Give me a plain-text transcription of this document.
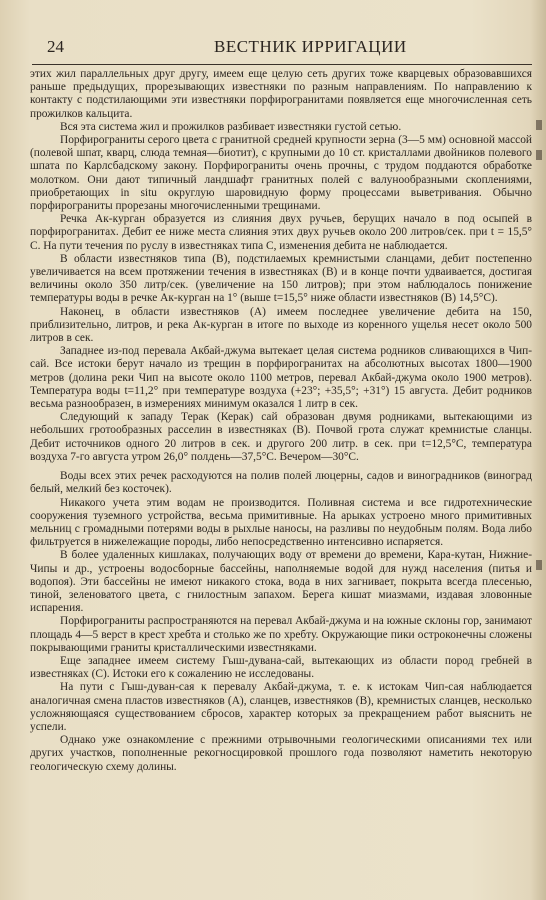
24	ВЕСТНИК ИРРИГАЦИИ

этих жил параллельных друг другу, имеем еще целую сеть других тоже кварцевых образовавшихся раньше предыдущих, прорезывающих известняки по разным направлениям. По направлению к контакту с подстилающими эти известняки порфирогранитами появляется еще многочисленная сеть прожилков кальцита.

Вся эта система жил и прожилков разбивает известняки густой сетью.

Порфирограниты серого цвета с гранитной средней крупности зерна (3—5 мм) основной массой (полевой шпат, кварц, слюда темная—биотит), с крупными до 10 ст. кристаллами двойников полевого шпата по Карлсбадскому закону. Порфирограниты очень прочны, с трудом поддаются обработке молотком. Они дают типичный ландшафт гранитных полей с валунообразными скоплениями, приобретающих in situ округлую шаровидную форму процессами выветривания. Обычно порфирограниты прорезаны многочисленными трещинами.

Речка Ак-курган образуется из слияния двух ручьев, берущих начало в под осыпей в порфирогранитах. Дебит ее ниже места слияния этих двух ручьев около 200 литров/сек. при t = 15,5° С. На пути течения по руслу в известняках типа С, изменения дебита не наблюдается.

В области известняков типа (В), подстилаемых кремнистыми сланцами, дебит постепенно увеличивается на всем протяжении течения в известняках (В) и в конце почти удваивается, достигая величины около 350 литр/сек. (увеличение на 150 литров); при этом наблюдалось понижение температуры воды в речке Ак-курган на 1° (выше t=15,5° ниже области известняков (В) 14,5°С).

Наконец, в области известняков (А) имеем последнее увеличение дебита на 150, приблизительно, литров, и река Ак-курган в итоге по выходе из коренного ущелья несет около 500 литров в сек.

Западнее из-под перевала Акбай-джума вытекает целая система родников сливающихся в Чип-сай. Все истоки берут начало из трещин в порфирогранитах на абсолютных высотах 1800—1900 метров (долина реки Чип на высоте около 1100 метров, перевал Акбай-джума около 1900 метров). Температура воды t=11,2° при температуре воздуха (+23°; +35,5°; +31°) 15 августа. Дебит родников весьма разнообразен, в измерениях минимум оказался 1 литр в сек.

Следующий к западу Терак (Керак) сай образован двумя родниками, вытекающими из небольших гротообразных расселин в известняках (В). Почвой грота служат кремнистые сланцы. Дебит источников одного 20 литров в сек. и другого 200 литр. в сек. при t=12,5°С, температура воздуха 7-го августа утром 26,0° полдень—37,5°С. Вечером—30°С.

Воды всех этих речек расходуются на полив полей люцерны, садов и виноградников (виноград белый, мелкий без косточек).

Никакого учета этим водам не производится. Поливная система и все гидротехнические сооружения туземного устройства, весьма примитивные. На арыках устроено много примитивных мельниц с громадными потерями воды в рыхлые наносы, на разливы по неудобным полям. Вода либо фильтруется в нижележащие породы, либо непосредственно интенсивно испаряется.

В более удаленных кишлаках, получающих воду от времени до времени, Кара-кутан, Нижние-Чипы и др., устроены водосборные бассейны, наполняемые водой для нужд населения (питья и водопоя). Эти бассейны не имеют никакого стока, вода в них загнивает, покрыта всегда плесенью, тиной, зеленоватого цвета, с гнилостным запахом. Берега кишат миазмами, издавая зловонные испарения.

Порфирограниты распространяются на перевал Акбай-джума и на южные склоны гор, занимают площадь 4—5 верст в крест хребта и столько же по хребту. Окружающие пики остроконечны сложены покрывающими граниты кристаллическими известняками.

Еще западнее имеем систему Гыш-дувана-сай, вытекающих из области пород гребней в известняках (С). Истоки его к сожалению не исследованы.

На пути с Гыш-дуван-сая к перевалу Акбай-джума, т. е. к истокам Чип-сая наблюдается аналогичная смена пластов известняков (А), сланцев, известняков (В), кремнистых сланцев, несколько усложняющаяся существованием сбросов, характер которых за прекращением работ выяснить не успели.

Однако уже ознакомление с прежними отрывочными геологическими описаниями тех или других участков, пополненные рекогносцировкой прошлого года позволяют наметить некоторую геологическую схему долины.
